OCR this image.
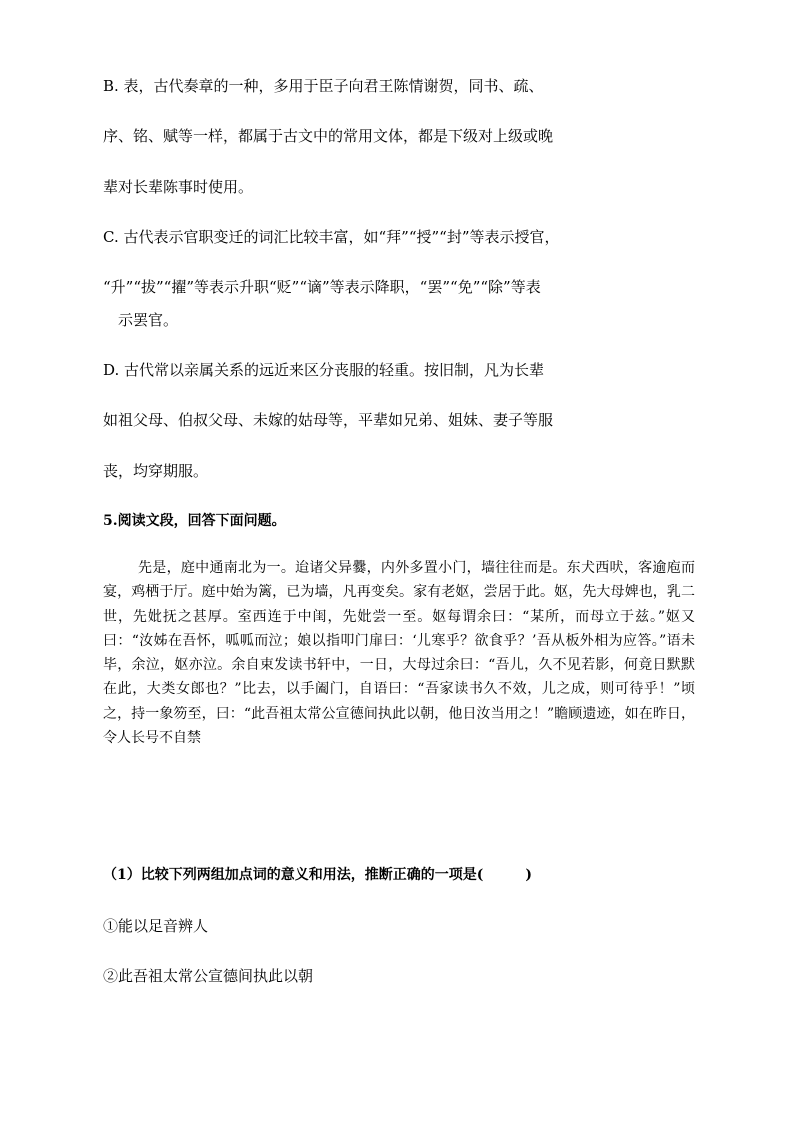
B. 表，古代奏章的一种，多用于臣子向君王陈情谢贺，同书、疏、
序、铭、赋等一样，都属于古文中的常用文体，都是下级对上级或晚
辈对长辈陈事时使用。
C. 古代表示官职变迁的词汇比较丰富，如“拜”“授”“封”等表示授官，
“升”“拔”“擢”等表示升职“贬”“谪”等表示降职，“罢”“免”“除”等表
示罢官。
D. 古代常以亲属关系的远近来区分丧服的轻重。按旧制，凡为长辈
如祖父母、伯叔父母、未嫁的姑母等，平辈如兄弟、姐妹、妻子等服
丧，均穿期服。
5.阅读文段，回答下面问题。
先是，庭中通南北为一。迨诸父异爨，内外多置小门，墙往往而是。东犬西吠，客逾庖而宴，鸡栖于厅。庭中始为篱，已为墙，凡再变矣。家有老妪，尝居于此。妪，先大母婢也，乳二世，先妣抚之甚厚。室西连于中闺，先妣尝一至。妪每谓余曰：“某所，而母立于兹。”妪又曰：“汝姊在吾怀，呱呱而泣；娘以指叩门扉曰：‘儿寒乎？欲食乎？’吾从板外相为应答。”语未毕，余泣，妪亦泣。余自束发读书轩中，一日，大母过余曰：“吾儿，久不见若影，何竟日默默在此，大类女郎也？”比去，以手阖门，自语曰：“吾家读书久不效，儿之成，则可待乎！”顷之，持一象笏至，曰：“此吾祖太常公宣德间执此以朝，他日汝当用之！”瞻顾遗迹，如在昨日，令人长号不自禁
（1）比较下列两组加点词的意义和用法，推断正确的一项是(　　　)
①能以足音辨人
②此吾祖太常公宣德间执此以朝
